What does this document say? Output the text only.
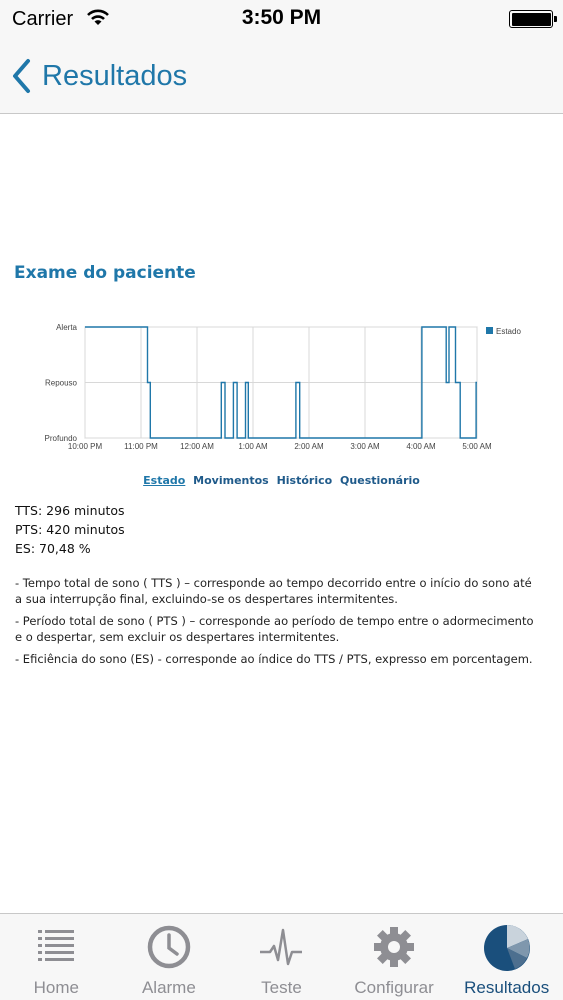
Carrier	3:50 PM
Resultados
Exame do paciente
10:00 PM	11:00 PM	12:00 AM	1:00 AM	2:00 AM	3:00 AM	4:00 AM	5:00 AM
Alerta
Repouso
Profundo
Estado
Estado Movimentos Histórico Questionário
TTS: 296 minutos
PTS: 420 minutos
ES: 70,48 %

- Tempo total de sono ( TTS ) – corresponde ao tempo decorrido entre o início do sono até a sua interrupção final, excluindo-se os despertares intermitentes.

- Período total de sono ( PTS ) – corresponde ao período de tempo entre o adormecimento e o despertar, sem excluir os despertares intermitentes.

- Eficiência do sono (ES) - corresponde ao índice do TTS / PTS, expresso em porcentagem.

Home	Alarme	Teste	Configurar	Resultados
